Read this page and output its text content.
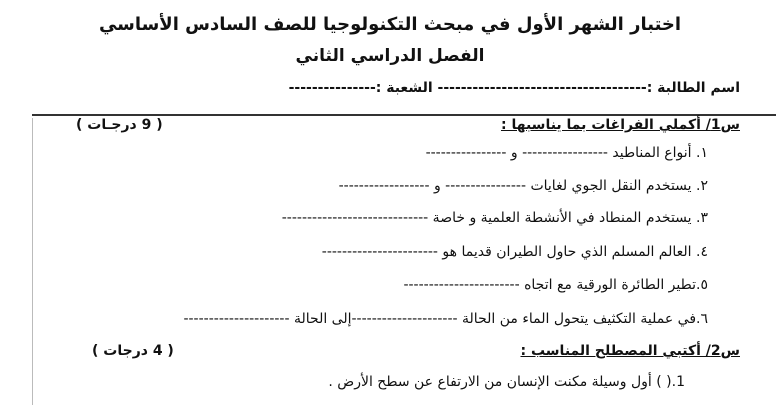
اختبار الشهر الأول في مبحث التكنولوجيا للصف السادس الأساسي
الفصل الدراسي الثاني
اسم الطالبة :------------------------------------ الشعبة :---------------
س1/ أكملي الفراغات بما يناسبها :
( 9 درجـات )
١. أنواع المناطيد ----------------- و ----------------
٢. يستخدم النقل الجوي لغايات ---------------- و ------------------
٣. يستخدم المنطاد في الأنشطة العلمية و خاصة -----------------------------
٤. العالم المسلم الذي حاول الطيران قديما هو -----------------------
٥.تطير الطائرة الورقية مع اتجاه -----------------------
٦.في عملية التكثيف يتحول الماء من الحالة ---------------------إلى الحالة ---------------------
س2/ أكتبي المصطلح المناسب :
( 4 درجات )
1.( ) أول وسيلة مكنت الإنسان من الارتفاع عن سطح الأرض .
